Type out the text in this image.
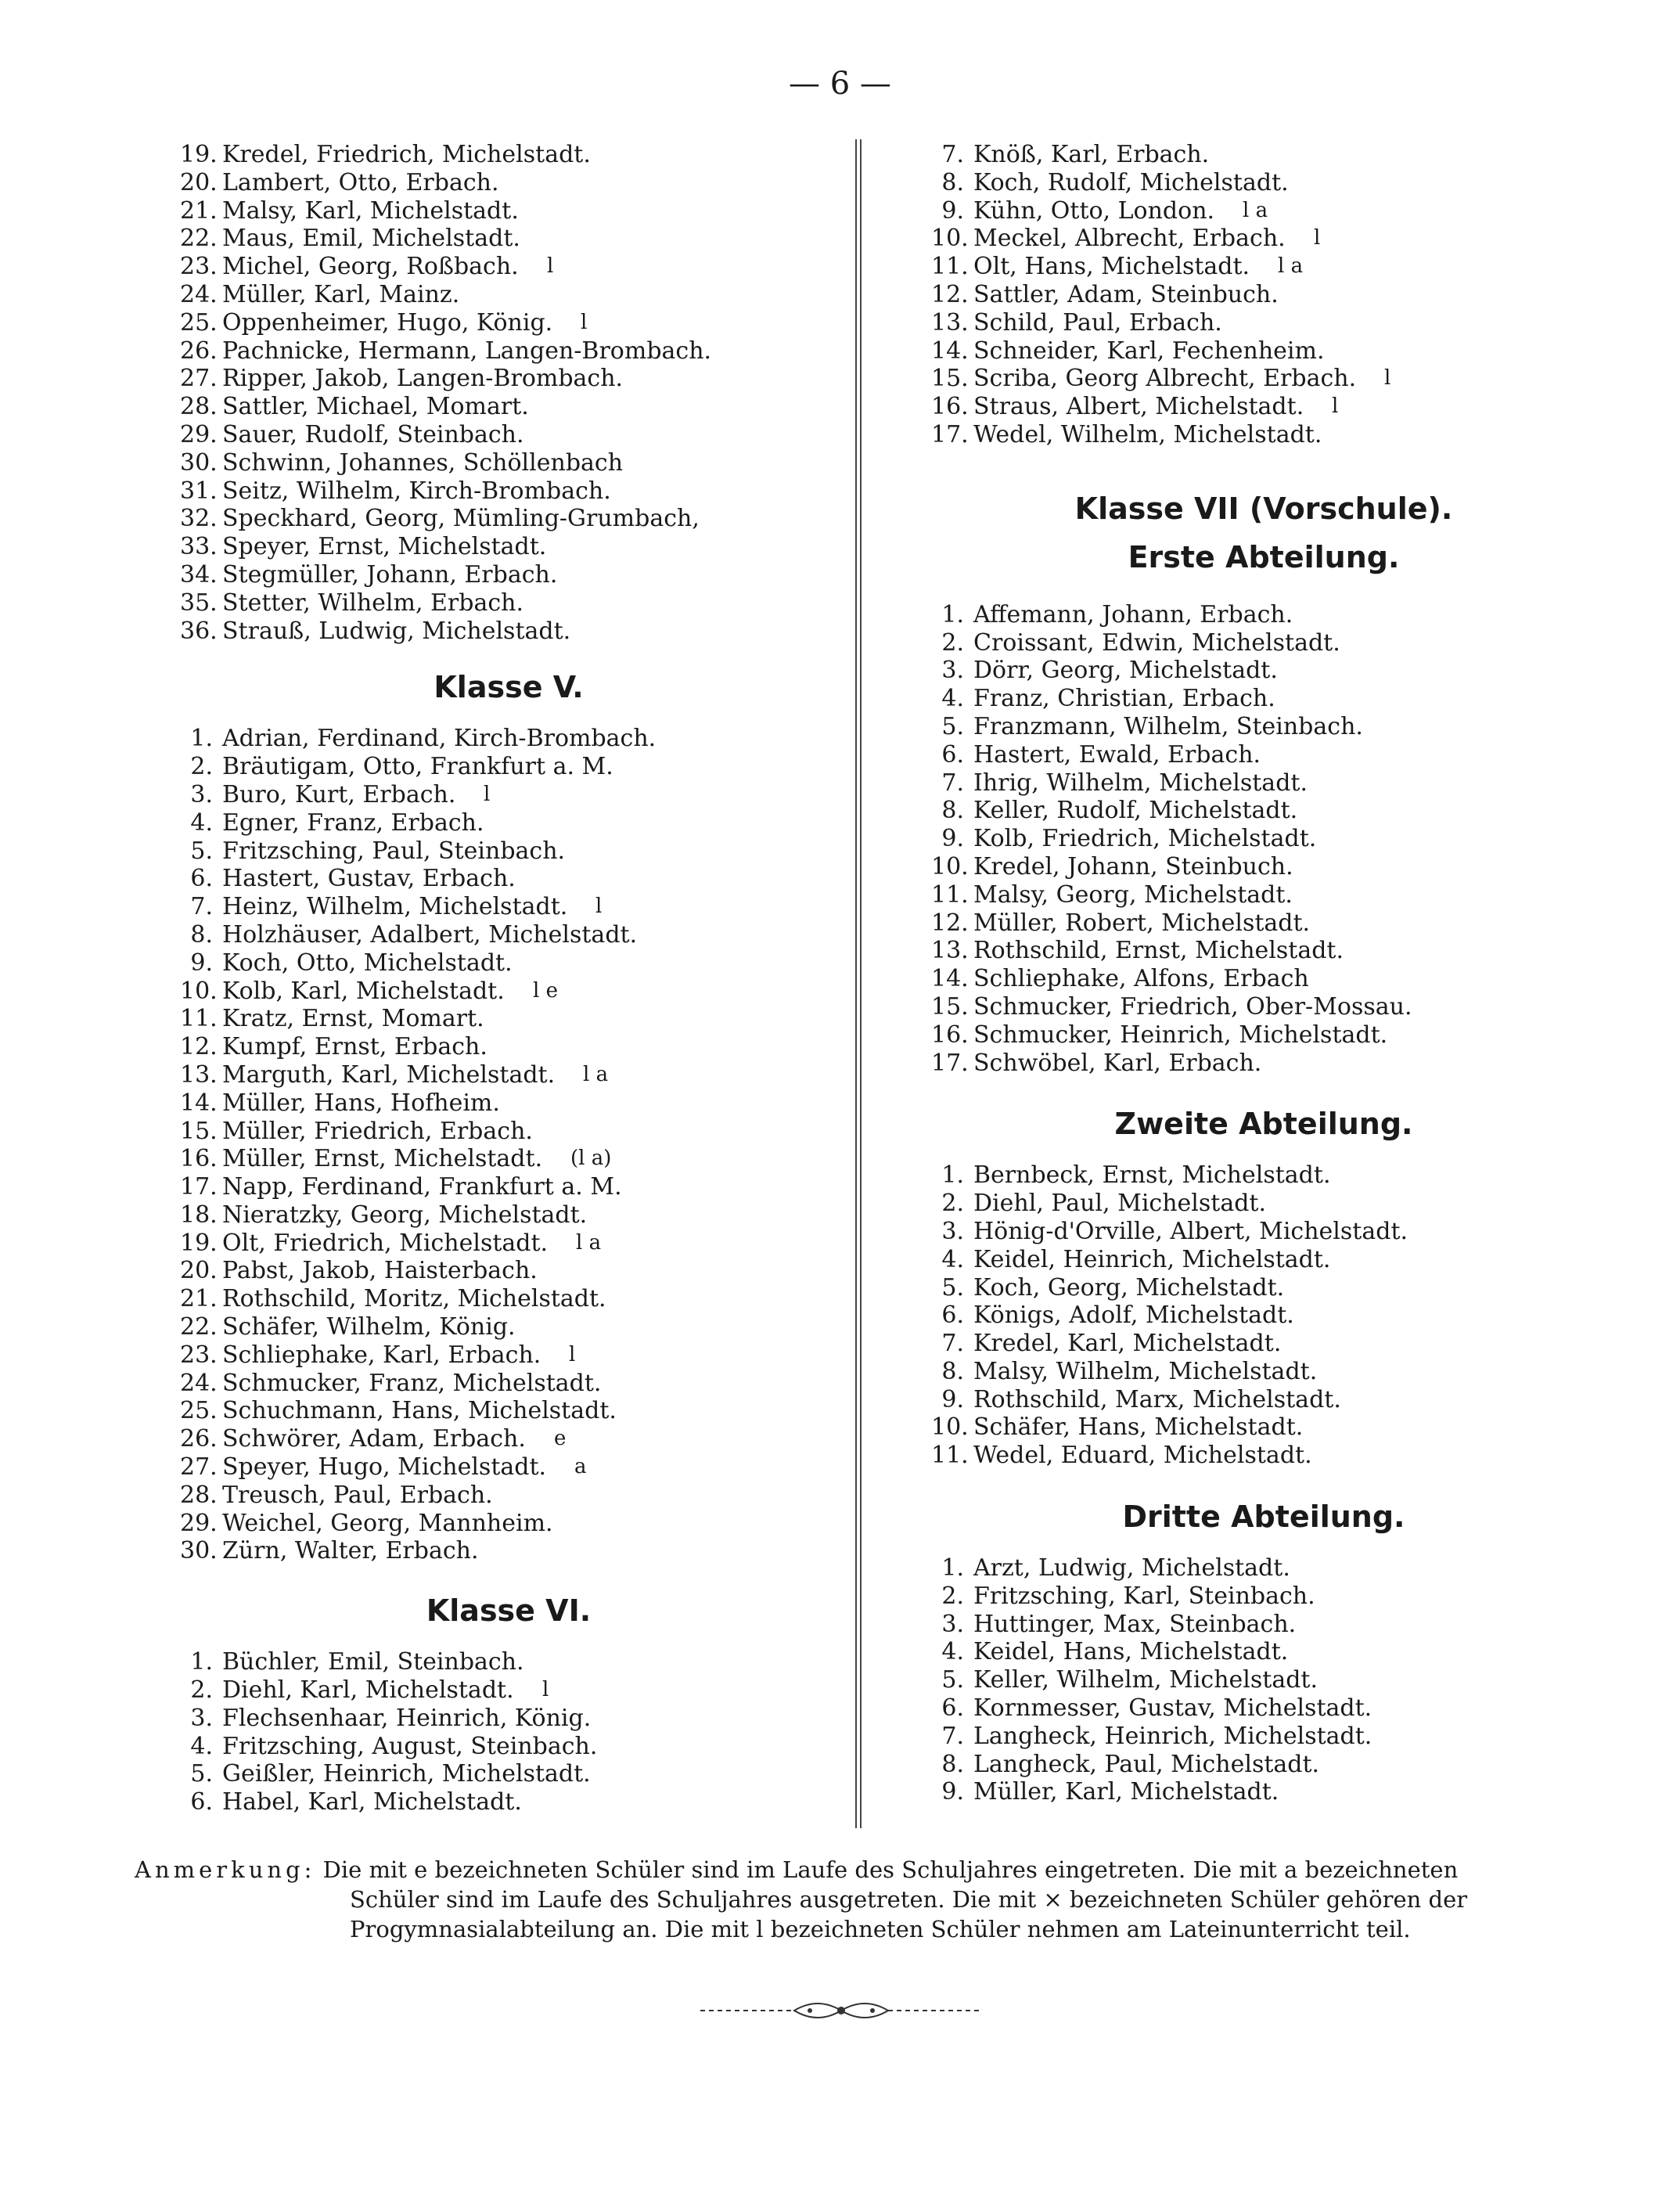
— 6 —
19. Kredel, Friedrich, Michelstadt.
20. Lambert, Otto, Erbach.
21. Malsy, Karl, Michelstadt.
22. Maus, Emil, Michelstadt.
23. Michel, Georg, Roßbach. l
24. Müller, Karl, Mainz.
25. Oppenheimer, Hugo, König. l
26. Pachnicke, Hermann, Langen-Brombach.
27. Ripper, Jakob, Langen-Brombach.
28. Sattler, Michael, Momart.
29. Sauer, Rudolf, Steinbach.
30. Schwinn, Johannes, Schöllenbach
31. Seitz, Wilhelm, Kirch-Brombach.
32. Speckhard, Georg, Mümling-Grumbach,
33. Speyer, Ernst, Michelstadt.
34. Stegmüller, Johann, Erbach.
35. Stetter, Wilhelm, Erbach.
36. Strauß, Ludwig, Michelstadt.
Klasse V.
1. Adrian, Ferdinand, Kirch-Brombach.
2. Bräutigam, Otto, Frankfurt a. M.
3. Buro, Kurt, Erbach. l
4. Egner, Franz, Erbach.
5. Fritzsching, Paul, Steinbach.
6. Hastert, Gustav, Erbach.
7. Heinz, Wilhelm, Michelstadt. l
8. Holzhäuser, Adalbert, Michelstadt.
9. Koch, Otto, Michelstadt.
10. Kolb, Karl, Michelstadt. l e
11. Kratz, Ernst, Momart.
12. Kumpf, Ernst, Erbach.
13. Marguth, Karl, Michelstadt. l a
14. Müller, Hans, Hofheim.
15. Müller, Friedrich, Erbach.
16. Müller, Ernst, Michelstadt. (l a)
17. Napp, Ferdinand, Frankfurt a. M.
18. Nieratzky, Georg, Michelstadt.
19. Olt, Friedrich, Michelstadt. l a
20. Pabst, Jakob, Haisterbach.
21. Rothschild, Moritz, Michelstadt.
22. Schäfer, Wilhelm, König.
23. Schliephake, Karl, Erbach. l
24. Schmucker, Franz, Michelstadt.
25. Schuchmann, Hans, Michelstadt.
26. Schwörer, Adam, Erbach. e
27. Speyer, Hugo, Michelstadt. a
28. Treusch, Paul, Erbach.
29. Weichel, Georg, Mannheim.
30. Zürn, Walter, Erbach.
Klasse VI.
1. Büchler, Emil, Steinbach.
2. Diehl, Karl, Michelstadt. l
3. Flechsenhaar, Heinrich, König.
4. Fritzsching, August, Steinbach.
5. Geißler, Heinrich, Michelstadt.
6. Habel, Karl, Michelstadt.
7. Knöß, Karl, Erbach.
8. Koch, Rudolf, Michelstadt.
9. Kühn, Otto, London. l a
10. Meckel, Albrecht, Erbach. l
11. Olt, Hans, Michelstadt. l a
12. Sattler, Adam, Steinbuch.
13. Schild, Paul, Erbach.
14. Schneider, Karl, Fechenheim.
15. Scriba, Georg Albrecht, Erbach. l
16. Straus, Albert, Michelstadt. l
17. Wedel, Wilhelm, Michelstadt.
Klasse VII (Vorschule).
Erste Abteilung.
1. Affemann, Johann, Erbach.
2. Croissant, Edwin, Michelstadt.
3. Dörr, Georg, Michelstadt.
4. Franz, Christian, Erbach.
5. Franzmann, Wilhelm, Steinbach.
6. Hastert, Ewald, Erbach.
7. Ihrig, Wilhelm, Michelstadt.
8. Keller, Rudolf, Michelstadt.
9. Kolb, Friedrich, Michelstadt.
10. Kredel, Johann, Steinbuch.
11. Malsy, Georg, Michelstadt.
12. Müller, Robert, Michelstadt.
13. Rothschild, Ernst, Michelstadt.
14. Schliephake, Alfons, Erbach
15. Schmucker, Friedrich, Ober-Mossau.
16. Schmucker, Heinrich, Michelstadt.
17. Schwöbel, Karl, Erbach.
Zweite Abteilung.
1. Bernbeck, Ernst, Michelstadt.
2. Diehl, Paul, Michelstadt.
3. Hönig-d'Orville, Albert, Michelstadt.
4. Keidel, Heinrich, Michelstadt.
5. Koch, Georg, Michelstadt.
6. Königs, Adolf, Michelstadt.
7. Kredel, Karl, Michelstadt.
8. Malsy, Wilhelm, Michelstadt.
9. Rothschild, Marx, Michelstadt.
10. Schäfer, Hans, Michelstadt.
11. Wedel, Eduard, Michelstadt.
Dritte Abteilung.
1. Arzt, Ludwig, Michelstadt.
2. Fritzsching, Karl, Steinbach.
3. Huttinger, Max, Steinbach.
4. Keidel, Hans, Michelstadt.
5. Keller, Wilhelm, Michelstadt.
6. Kornmesser, Gustav, Michelstadt.
7. Langheck, Heinrich, Michelstadt.
8. Langheck, Paul, Michelstadt.
9. Müller, Karl, Michelstadt.
Anmerkung: Die mit e bezeichneten Schüler sind im Laufe des Schuljahres eingetreten. Die mit a bezeichneten
Schüler sind im Laufe des Schuljahres ausgetreten. Die mit × bezeichneten Schüler gehören der
Progymnasialabteilung an. Die mit l bezeichneten Schüler nehmen am Lateinunterricht teil.
